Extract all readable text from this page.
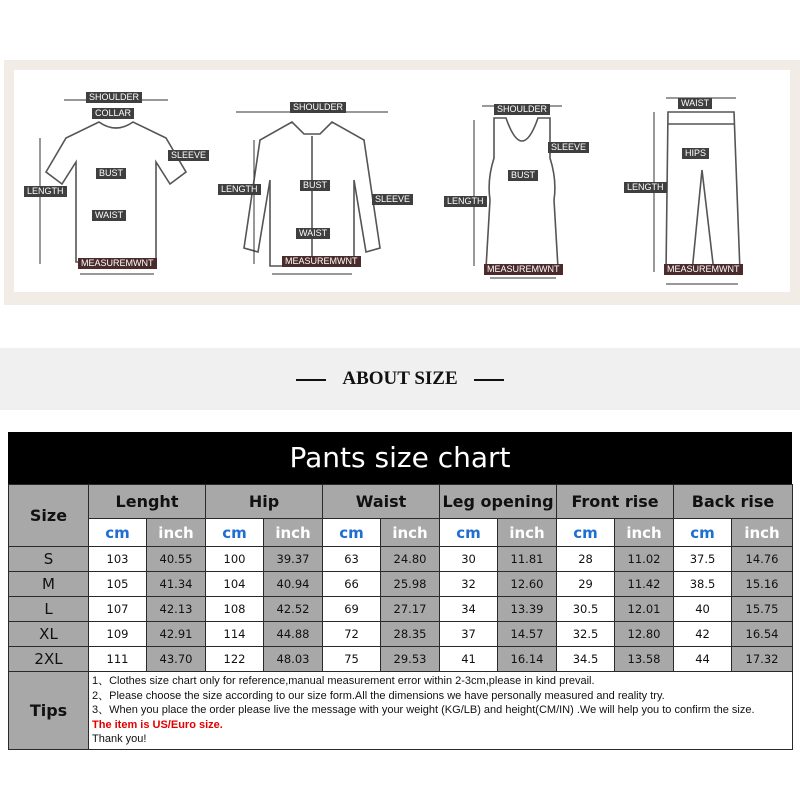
SHOULDER
COLLAR
SLEEVE
LENGTH
BUST
WAIST
MEASUREMWNT
SHOULDER
LENGTH	BUST
SLEEVE
WAIST
MEASUREMWNT
SHOULDER
SLEEVE
BUST
LENGTH
MEASUREMWNT
WAIST
HIPS
LENGTH
MEASUREMWNT
ABOUT SIZE
Pants size chart
Size	Lenght		Hip		Waist		Leg opening		Front rise		Back rise	
	cm	inch	cm	inch	cm	inch	cm	inch	cm	inch	cm	inch
S	103	40.55	100	39.37	63	24.80	30	11.81	28	11.02	37.5	14.76
M	105	41.34	104	40.94	66	25.98	32	12.60	29	11.42	38.5	15.16
L	107	42.13	108	42.52	69	27.17	34	13.39	30.5	12.01	40	15.75
XL	109	42.91	114	44.88	72	28.35	37	14.57	32.5	12.80	42	16.54
2XL	111	43.70	122	48.03	75	29.53	41	16.14	34.5	13.58	44	17.32
Tips	1、Clothes size chart only for reference,manual measurement error within 2-3cm,please in kind prevail.
2、Please choose the size according to our size form.All the dimensions we have personally measured and reality try.
3、When you place the order please live the message with your weight (KG/LB) and height(CM/IN) .We will help you to confirm the size.
The item is US/Euro size.
Thank you!											
